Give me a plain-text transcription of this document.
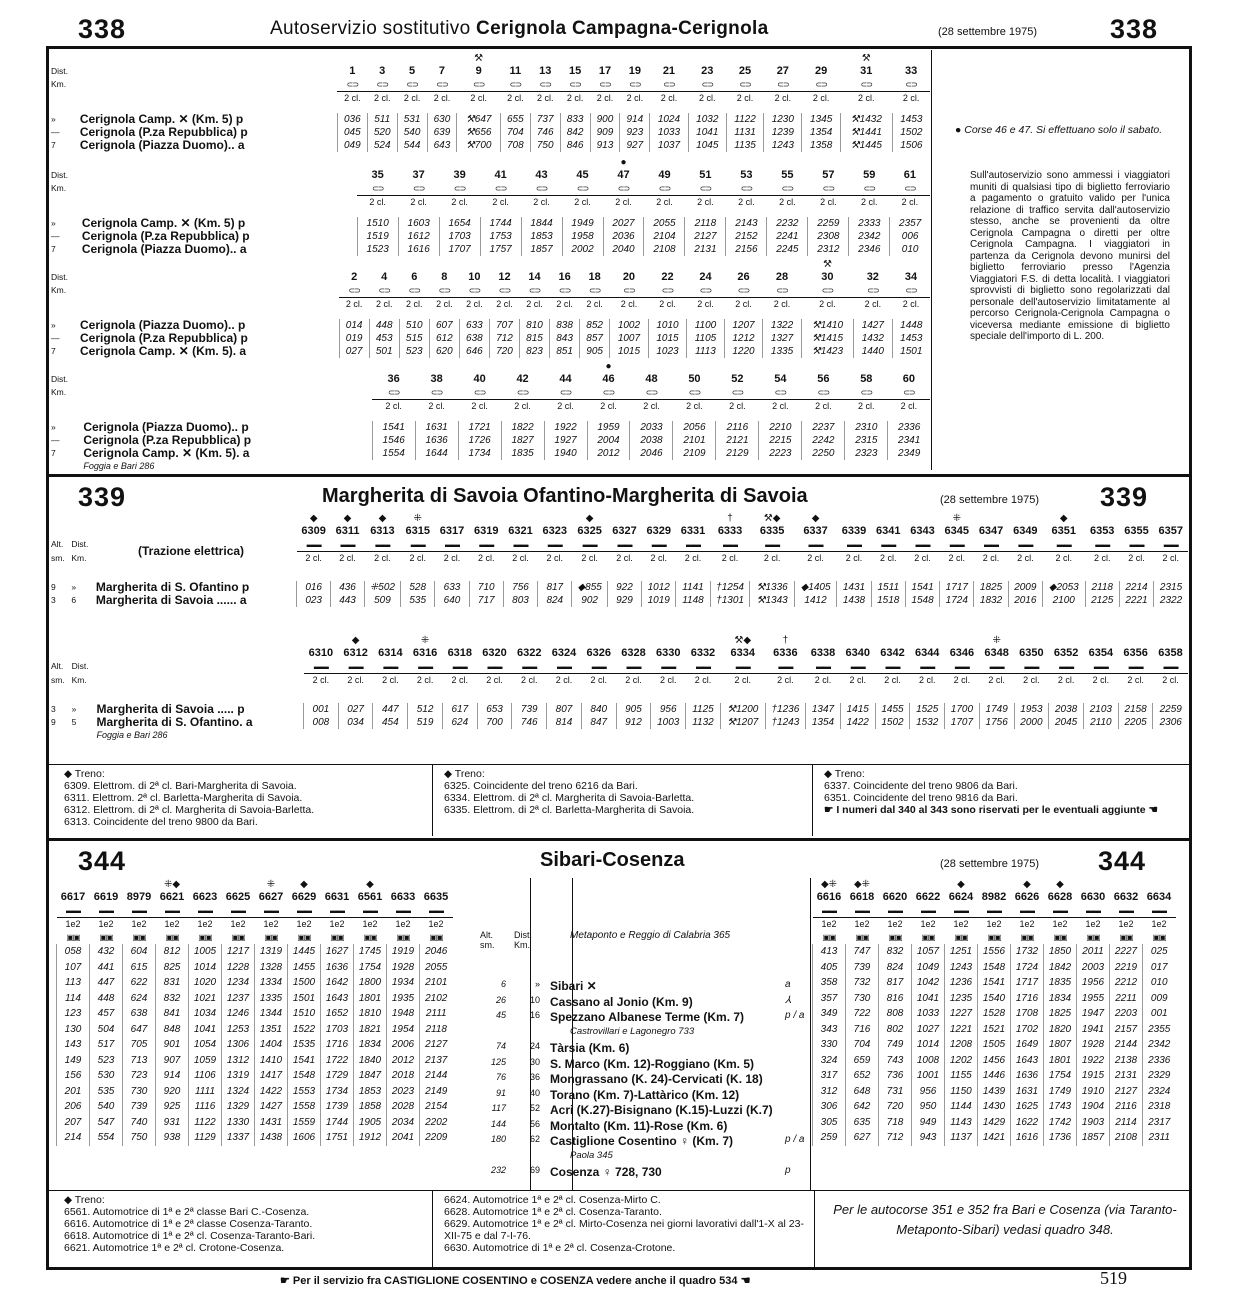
338	Autoservizio sostitutivo Cerignola Campagna-Cerignola	(28 settembre 1975)	338
						⚒											⚒	
Dist.		1	3	5	7	9	11	13	15	17	19	21	23	25	27	29	31	33
Km.		⊂⊃	⊂⊃	⊂⊃	⊂⊃	⊂⊃	⊂⊃	⊂⊃	⊂⊃	⊂⊃	⊂⊃	⊂⊃	⊂⊃	⊂⊃	⊂⊃	⊂⊃	⊂⊃	⊂⊃
		2 cl.	2 cl.	2 cl.	2 cl.	2 cl.	2 cl.	2 cl.	2 cl.	2 cl.	2 cl.	2 cl.	2 cl.	2 cl.	2 cl.	2 cl.	2 cl.	2 cl.

»	Cerignola Camp. ✕ (Km. 5) p	036	511	531	630	⚒647	655	737	833	900	914	1024	1032	1122	1230	1345	⚒1432	1453
—	Cerignola (P.za Repubblica) p	045	520	540	639	⚒656	704	746	842	909	923	1033	1041	1131	1239	1354	⚒1441	1502
7	Cerignola (Piazza Duomo).. a	049	524	544	643	⚒700	708	750	846	913	927	1037	1045	1135	1243	1358	⚒1445	1506
								●							
Dist.		35	37	39	41	43	45	47	49	51	53	55	57	59	61
Km.		⊂⊃	⊂⊃	⊂⊃	⊂⊃	⊂⊃	⊂⊃	⊂⊃	⊂⊃	⊂⊃	⊂⊃	⊂⊃	⊂⊃	⊂⊃	⊂⊃
		2 cl.	2 cl.	2 cl.	2 cl.	2 cl.	2 cl.	2 cl.	2 cl.	2 cl.	2 cl.	2 cl.	2 cl.	2 cl.	2 cl.

»	Cerignola Camp. ✕ (Km. 5) p	1510	1603	1654	1744	1844	1949	2027	2055	2118	2143	2232	2259	2333	2357
—	Cerignola (P.za Repubblica) p	1519	1612	1703	1753	1853	1958	2036	2104	2127	2152	2241	2308	2342	006
7	Cerignola (Piazza Duomo).. a	1523	1616	1707	1757	1857	2002	2040	2108	2131	2156	2245	2312	2346	010
																⚒		
Dist.		2	4	6	8	10	12	14	16	18	20	22	24	26	28	30	32	34
Km.		⊂⊃	⊂⊃	⊂⊃	⊂⊃	⊂⊃	⊂⊃	⊂⊃	⊂⊃	⊂⊃	⊂⊃	⊂⊃	⊂⊃	⊂⊃	⊂⊃	⊂⊃	⊂⊃	⊂⊃
		2 cl.	2 cl.	2 cl.	2 cl.	2 cl.	2 cl.	2 cl.	2 cl.	2 cl.	2 cl.	2 cl.	2 cl.	2 cl.	2 cl.	2 cl.	2 cl.	2 cl.

»	Cerignola (Piazza Duomo).. p	014	448	510	607	633	707	810	838	852	1002	1010	1100	1207	1322	⚒1410	1427	1448
—	Cerignola (P.za Repubblica) p	019	453	515	612	638	712	815	843	857	1007	1015	1105	1212	1327	⚒1415	1432	1453
7	Cerignola Camp. ✕ (Km. 5). a	027	501	523	620	646	720	823	851	905	1015	1023	1113	1220	1335	⚒1423	1440	1501
							●							
Dist.		36	38	40	42	44	46	48	50	52	54	56	58	60
Km.		⊂⊃	⊂⊃	⊂⊃	⊂⊃	⊂⊃	⊂⊃	⊂⊃	⊂⊃	⊂⊃	⊂⊃	⊂⊃	⊂⊃	⊂⊃
		2 cl.	2 cl.	2 cl.	2 cl.	2 cl.	2 cl.	2 cl.	2 cl.	2 cl.	2 cl.	2 cl.	2 cl.	2 cl.

»	Cerignola (Piazza Duomo).. p	1541	1631	1721	1822	1922	1959	2033	2056	2116	2210	2237	2310	2336
—	Cerignola (P.za Repubblica) p	1546	1636	1726	1827	1927	2004	2038	2101	2121	2215	2242	2315	2341
7	Cerignola Camp. ✕ (Km. 5). a	1554	1644	1734	1835	1940	2012	2046	2109	2129	2223	2250	2323	2349
	Foggia e Bari 286													
● Corse 46 e 47. Si effettuano solo il sabato.
Sull'autoservizio sono ammessi i viaggiatori muniti di qualsiasi tipo di biglietto ferroviario a pagamento o gratuito valido per l'unica relazione di traffico servita dall'autoservizio stesso, anche se provenienti da oltre Cerignola Campagna o diretti per oltre Cerignola Campagna. I viaggiatori in partenza da Cerignola devono munirsi del biglietto ferroviario presso l'Agenzia Viaggiatori F.S. di detta località. I viaggiatori sprovvisti di biglietto sono regolarizzati dal personale dell'autoservizio limitatamente al percorso Cerignola-Cerignola Campagna o viceversa mediante emissione di biglietto speciale dell'importo di L. 200.
339	Margherita di Savoia Ofantino-Margherita di Savoia	(28 settembre 1975) 339
(Trazione elettrica)
			◆	◆	◆	⁜					◆				†	⚒◆	◆				⁜			◆			
			6309	6311	6313	6315	6317	6319	6321	6323	6325	6327	6329	6331	6333	6335	6337	6339	6341	6343	6345	6347	6349	6351	6353	6355	6357
Alt.	Dist.		▬▬	▬▬	▬▬	▬▬	▬▬	▬▬	▬▬	▬▬	▬▬	▬▬	▬▬	▬▬	▬▬	▬▬	▬▬	▬▬	▬▬	▬▬	▬▬	▬▬	▬▬	▬▬	▬▬	▬▬	▬▬
sm.	Km.		2 cl.	2 cl.	2 cl.	2 cl.	2 cl.	2 cl.	2 cl.	2 cl.	2 cl.	2 cl.	2 cl.	2 cl.	2 cl.	2 cl.	2 cl.	2 cl.	2 cl.	2 cl.	2 cl.	2 cl.	2 cl.	2 cl.	2 cl.	2 cl.	2 cl.

9	»	Margherita di S. Ofantino p	016	436	⁜502	528	633	710	756	817	◆855	922	1012	1141	†1254	⚒1336	◆1405	1431	1511	1541	1717	1825	2009	◆2053	2118	2214	2315
3	6	Margherita di Savoia ...... a	023	443	509	535	640	717	803	824	902	929	1019	1148	†1301	⚒1343	1412	1438	1518	1548	1724	1832	2016	2100	2125	2221	2322
				◆		⁜									⚒◆	†						⁜					
			6310	6312	6314	6316	6318	6320	6322	6324	6326	6328	6330	6332	6334	6336	6338	6340	6342	6344	6346	6348	6350	6352	6354	6356	6358
Alt.	Dist.		▬▬	▬▬	▬▬	▬▬	▬▬	▬▬	▬▬	▬▬	▬▬	▬▬	▬▬	▬▬	▬▬	▬▬	▬▬	▬▬	▬▬	▬▬	▬▬	▬▬	▬▬	▬▬	▬▬	▬▬	▬▬
sm.	Km.		2 cl.	2 cl.	2 cl.	2 cl.	2 cl.	2 cl.	2 cl.	2 cl.	2 cl.	2 cl.	2 cl.	2 cl.	2 cl.	2 cl.	2 cl.	2 cl.	2 cl.	2 cl.	2 cl.	2 cl.	2 cl.	2 cl.	2 cl.	2 cl.	2 cl.

3	»	Margherita di Savoia ..... p	001	027	447	512	617	653	739	807	840	905	956	1125	⚒1200	†1236	1347	1415	1455	1525	1700	1749	1953	2038	2103	2158	2259
9	5	Margherita di S. Ofantino. a	008	034	454	519	624	700	746	814	847	912	1003	1132	⚒1207	†1243	1354	1422	1502	1532	1707	1756	2000	2045	2110	2205	2306
		Foggia e Bari 286																									
◆ Treno:
6309. Elettrom. di 2ª cl. Bari-Margherita di Savoia.
6311. Elettrom. 2ª cl. Barletta-Margherita di Savoia.
6312. Elettrom. di 2ª cl. Margherita di Savoia-Barletta.
6313. Coincidente del treno 9800 da Bari.
◆ Treno:
6325. Coincidente del treno 6216 da Bari.
6334. Elettrom. di 2ª cl. Margherita di Savoia-Barletta.
6335. Elettrom. di 2ª cl. Barletta-Margherita di Savoia.
◆ Treno:
6337. Coincidente del treno 9806 da Bari.
6351. Coincidente del treno 9816 da Bari.
☛ I numeri dal 340 al 343 sono riservati per le eventuali aggiunte ☚
344	Sibari-Cosenza	(28 settembre 1975) 344
			⁜◆			⁜	◆		◆		
6617	6619	8979	6621	6623	6625	6627	6629	6631	6561	6633	6635
▬▬	▬▬	▬▬	▬▬	▬▬	▬▬	▬▬	▬▬	▬▬	▬▬	▬▬	▬▬
1e2	1e2	1e2	1e2	1e2	1e2	1e2	1e2	1e2	1e2	1e2	1e2
▣▣	▣▣	▣▣	▣▣	▣▣	▣▣	▣▣	▣▣	▣▣	▣▣	▣▣	▣▣
058	432	604	812	1005	1217	1319	1445	1627	1745	1919	2046
107	441	615	825	1014	1228	1328	1455	1636	1754	1928	2055
113	447	622	831	1020	1234	1334	1500	1642	1800	1934	2101
114	448	624	832	1021	1237	1335	1501	1643	1801	1935	2102
123	457	638	841	1034	1246	1344	1510	1652	1810	1948	2111
130	504	647	848	1041	1253	1351	1522	1703	1821	1954	2118
143	517	705	901	1054	1306	1404	1535	1716	1834	2006	2127
149	523	713	907	1059	1312	1410	1541	1722	1840	2012	2137
156	530	723	914	1106	1319	1417	1548	1729	1847	2018	2144
201	535	730	920	1111	1324	1422	1553	1734	1853	2023	2149
206	540	739	925	1116	1329	1427	1558	1739	1858	2028	2154
207	547	740	931	1122	1330	1431	1559	1744	1905	2034	2202
214	554	750	938	1129	1337	1438	1606	1751	1912	2041	2209
◆⁜	◆⁜			◆		◆	◆			
6616	6618	6620	6622	6624	8982	6626	6628	6630	6632	6634
▬▬	▬▬	▬▬	▬▬	▬▬	▬▬	▬▬	▬▬	▬▬	▬▬	▬▬
1e2	1e2	1e2	1e2	1e2	1e2	1e2	1e2	1e2	1e2	1e2
▣▣	▣▣	▣▣	▣▣	▣▣	▣▣	▣▣	▣▣	▣▣	▣▣	▣▣
413	747	832	1057	1251	1556	1732	1850	2011	2227	025
405	739	824	1049	1243	1548	1724	1842	2003	2219	017
358	732	817	1042	1236	1541	1717	1835	1956	2212	010
357	730	816	1041	1235	1540	1716	1834	1955	2211	009
349	722	808	1033	1227	1528	1708	1825	1947	2203	001
343	716	802	1027	1221	1521	1702	1820	1941	2157	2355
330	704	749	1014	1208	1505	1649	1807	1928	2144	2342
324	659	743	1008	1202	1456	1643	1801	1922	2138	2336
317	652	736	1001	1155	1446	1636	1754	1915	2131	2329
312	648	731	956	1150	1439	1631	1749	1910	2127	2324
306	642	720	950	1144	1430	1625	1743	1904	2116	2318
305	635	718	949	1143	1429	1622	1742	1903	2114	2317
259	627	712	943	1137	1421	1616	1736	1857	2108	2311
Metaponto e Reggio di Calabria 365
Alt. sm.
Dist. Km.
6	» Sibari ✕	a
26	10 Cassano al Jonio (Km. 9)	⅄
45	16 Spezzano Albanese Terme (Km. 7)	p / a
Castrovillari e Lagonegro 733
74	24 Tàrsia (Km. 6)
125	30 S. Marco (Km. 12)-Roggiano (Km. 5)
76	36 Mongrassano (K. 24)-Cervicati (K. 18)
91	40 Torano (Km. 7)-Lattàrico (Km. 12)
117	52 Acri (K.27)-Bisignano (K.15)-Luzzi (K.7)
144	56 Montalto (Km. 11)-Rose (Km. 6)
180	62 Castiglione Cosentino ♀ (Km. 7)	p / a
Paola 345
232	69 Cosenza ♀ 728, 730	p
◆ Treno:
6561. Automotrice di 1ª e 2ª classe Bari C.-Cosenza.
6616. Automotrice di 1ª e 2ª classe Cosenza-Taranto.
6618. Automotrice di 1ª e 2ª cl. Cosenza-Taranto-Bari.
6621. Automotrice 1ª e 2ª cl. Crotone-Cosenza.
6624. Automotrice 1ª e 2ª cl. Cosenza-Mirto C.
6628. Automotrice 1ª e 2ª cl. Cosenza-Taranto.
6629. Automotrice 1ª e 2ª cl. Mirto-Cosenza nei giorni lavorativi dall'1-X al 23-XII-75 e dal 7-I-76.
6630. Automotrice di 1ª e 2ª cl. Cosenza-Crotone.
Per le autocorse 351 e 352 fra Bari e Cosenza (via Taranto-Metaponto-Sibari) vedasi quadro 348.
☛ Per il servizio fra CASTIGLIONE COSENTINO e COSENZA vedere anche il quadro 534 ☚	519
